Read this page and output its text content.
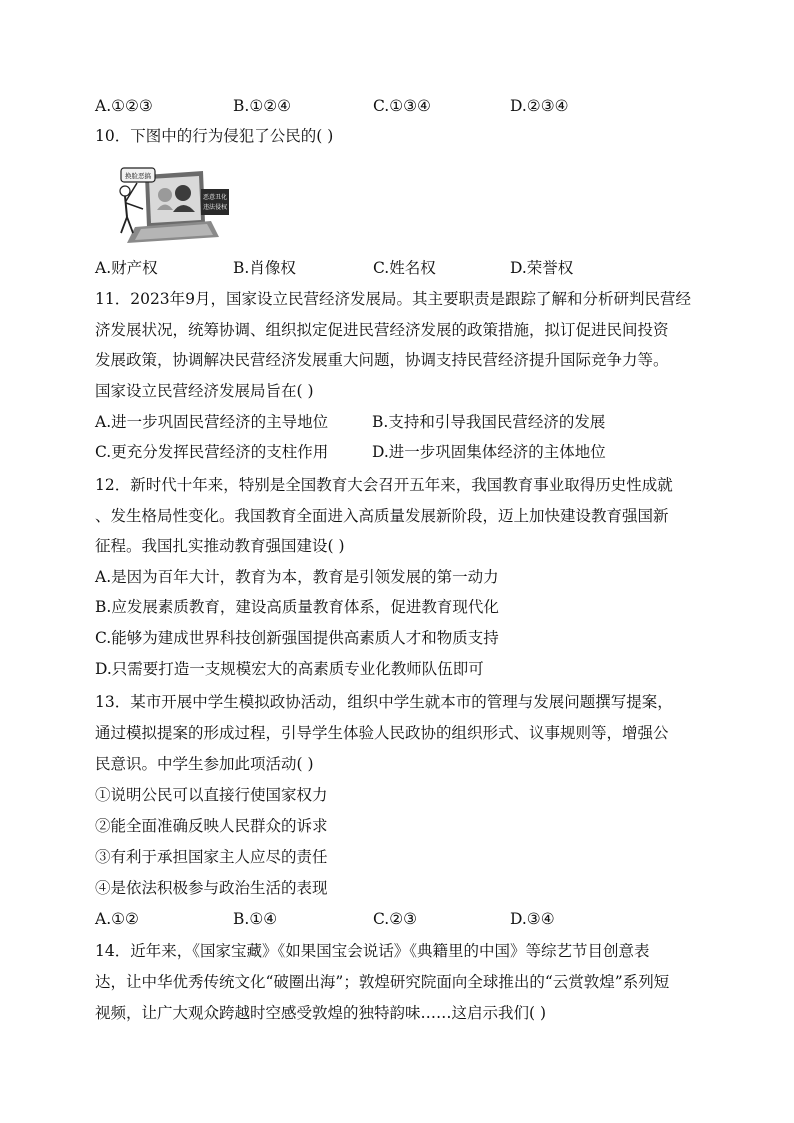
A.①②③	B.①②④	C.①③④	D.②③④
10．下图中的行为侵犯了公民的( )
恶意丑化
违法侵权
换脸恶搞
A.财产权	B.肖像权	C.姓名权	D.荣誉权
11．2023年9月，国家设立民营经济发展局。其主要职责是跟踪了解和分析研判民营经
济发展状况，统筹协调、组织拟定促进民营经济发展的政策措施，拟订促进民间投资
发展政策，协调解决民营经济发展重大问题，协调支持民营经济提升国际竞争力等。
国家设立民营经济发展局旨在( )
A.进一步巩固民营经济的主导地位	B.支持和引导我国民营经济的发展
C.更充分发挥民营经济的支柱作用	D.进一步巩固集体经济的主体地位
12．新时代十年来，特别是全国教育大会召开五年来，我国教育事业取得历史性成就
、发生格局性变化。我国教育全面进入高质量发展新阶段，迈上加快建设教育强国新
征程。我国扎实推动教育强国建设( )
A.是因为百年大计，教育为本，教育是引领发展的第一动力
B.应发展素质教育，建设高质量教育体系，促进教育现代化
C.能够为建成世界科技创新强国提供高素质人才和物质支持
D.只需要打造一支规模宏大的高素质专业化教师队伍即可
13．某市开展中学生模拟政协活动，组织中学生就本市的管理与发展问题撰写提案，
通过模拟提案的形成过程，引导学生体验人民政协的组织形式、议事规则等，增强公
民意识。中学生参加此项活动( )
①说明公民可以直接行使国家权力
②能全面准确反映人民群众的诉求
③有利于承担国家主人应尽的责任
④是依法积极参与政治生活的表现
A.①②	B.①④	C.②③	D.③④
14．近年来，《国家宝藏》《如果国宝会说话》《典籍里的中国》等综艺节目创意表
达，让中华优秀传统文化“破圈出海”；敦煌研究院面向全球推出的“云赏敦煌”系列短
视频，让广大观众跨越时空感受敦煌的独特韵味……这启示我们( )
